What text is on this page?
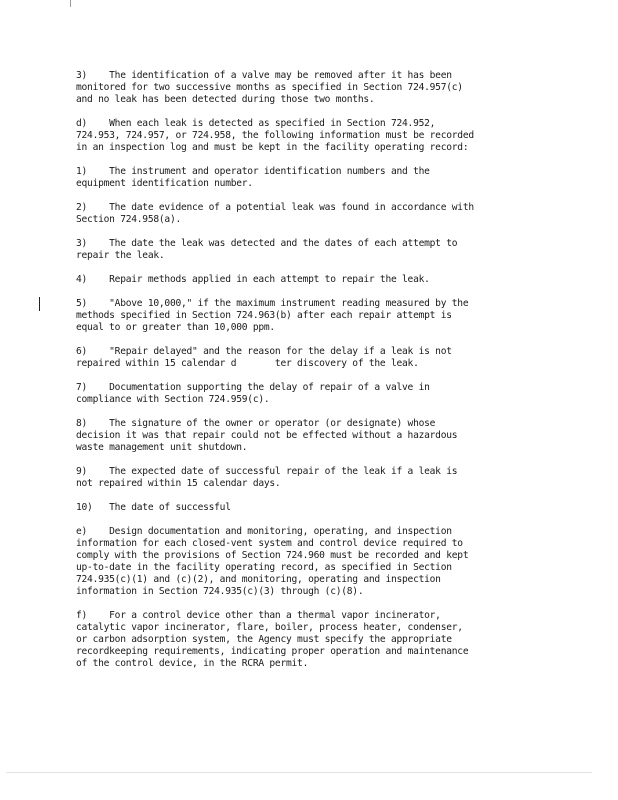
3)    The identification of a valve may be removed after it has been
monitored for two successive months as specified in Section 724.957(c)
and no leak has been detected during those two months.

d)    When each leak is detected as specified in Section 724.952,
724.953, 724.957, or 724.958, the following information must be recorded
in an inspection log and must be kept in the facility operating record:

1)    The instrument and operator identification numbers and the
equipment identification number.

2)    The date evidence of a potential leak was found in accordance with
Section 724.958(a).

3)    The date the leak was detected and the dates of each attempt to
repair the leak.

4)    Repair methods applied in each attempt to repair the leak.

5)    "Above 10,000," if the maximum instrument reading measured by the
methods specified in Section 724.963(b) after each repair attempt is
equal to or greater than 10,000 ppm.

6)    "Repair delayed" and the reason for the delay if a leak is not
repaired within 15 calendar d       ter discovery of the leak.

7)    Documentation supporting the delay of repair of a valve in
compliance with Section 724.959(c).

8)    The signature of the owner or operator (or designate) whose
decision it was that repair could not be effected without a hazardous
waste management unit shutdown.

9)    The expected date of successful repair of the leak if a leak is
not repaired within 15 calendar days.

10)   The date of successful

e)    Design documentation and monitoring, operating, and inspection
information for each closed-vent system and control device required to
comply with the provisions of Section 724.960 must be recorded and kept
up-to-date in the facility operating record, as specified in Section
724.935(c)(1) and (c)(2), and monitoring, operating and inspection
information in Section 724.935(c)(3) through (c)(8).

f)    For a control device other than a thermal vapor incinerator,
catalytic vapor incinerator, flare, boiler, process heater, condenser,
or carbon adsorption system, the Agency must specify the appropriate
recordkeeping requirements, indicating proper operation and maintenance
of the control device, in the RCRA permit.
